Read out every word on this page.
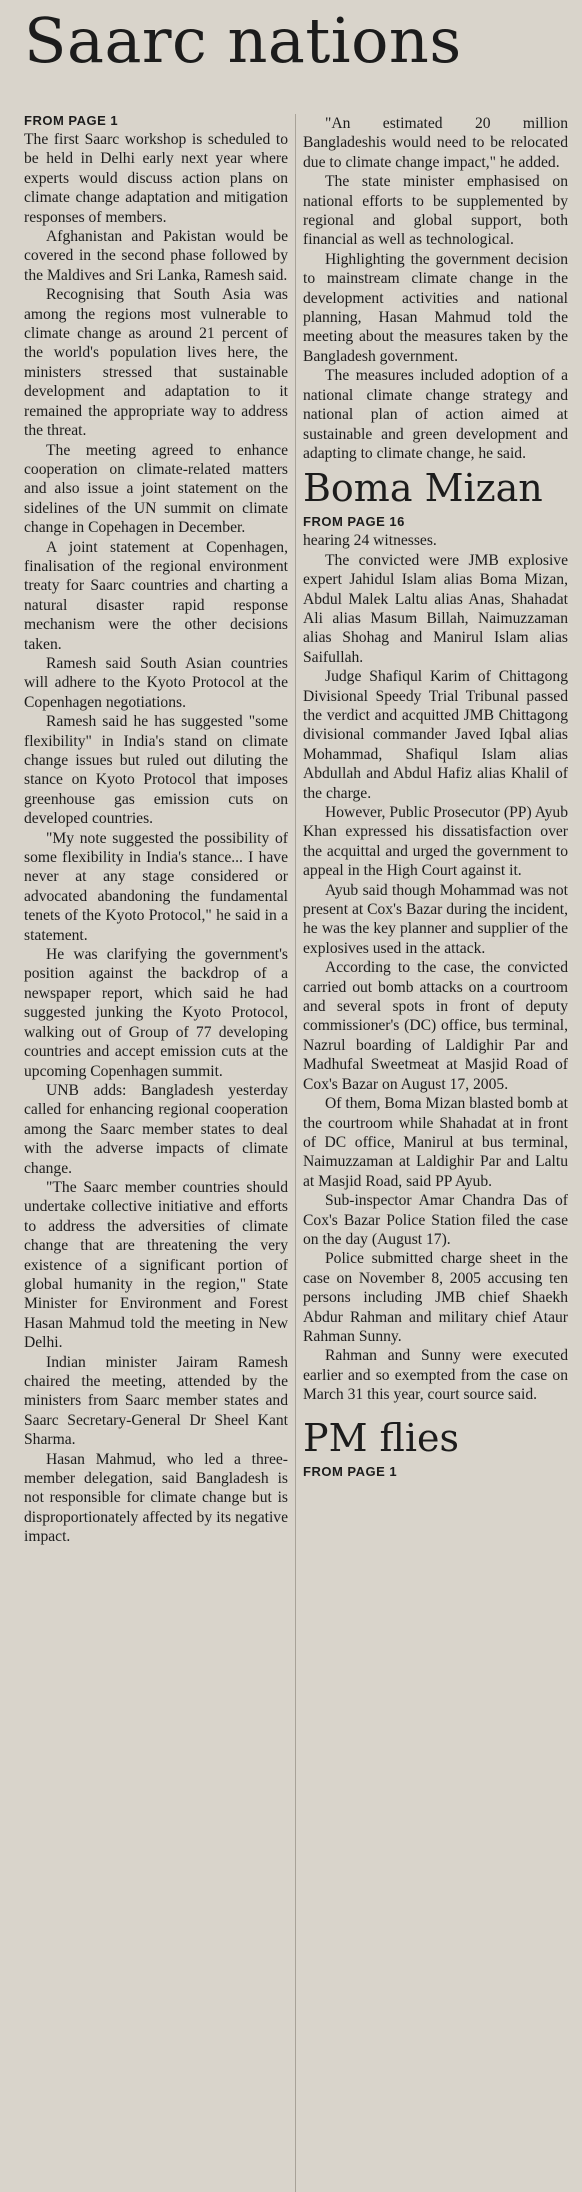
Saarc nations
FROM PAGE 1

The first Saarc workshop is scheduled to be held in Delhi early next year where experts would discuss action plans on climate change adaptation and mitigation responses of members.

Afghanistan and Pakistan would be covered in the second phase followed by the Maldives and Sri Lanka, Ramesh said.

Recognising that South Asia was among the regions most vulnerable to climate change as around 21 percent of the world's population lives here, the ministers stressed that sustainable development and adaptation to it remained the appropriate way to address the threat.

The meeting agreed to enhance cooperation on climate-related matters and also issue a joint statement on the sidelines of the UN summit on climate change in Copehagen in December.

A joint statement at Copenhagen, finalisation of the regional environment treaty for Saarc countries and charting a natural disaster rapid response mechanism were the other decisions taken.

Ramesh said South Asian countries will adhere to the Kyoto Protocol at the Copenhagen negotiations.

Ramesh said he has suggested "some flexibility" in India's stand on climate change issues but ruled out diluting the stance on Kyoto Protocol that imposes greenhouse gas emission cuts on developed countries.

"My note suggested the possibility of some flexibility in India's stance... I have never at any stage considered or advocated abandoning the fundamental tenets of the Kyoto Protocol," he said in a statement.

He was clarifying the government's position against the backdrop of a newspaper report, which said he had suggested junking the Kyoto Protocol, walking out of Group of 77 developing countries and accept emission cuts at the upcoming Copenhagen summit.

UNB adds: Bangladesh yesterday called for enhancing regional cooperation among the Saarc member states to deal with the adverse impacts of climate change.

"The Saarc member countries should undertake collective initiative and efforts to address the adversities of climate change that are threatening the very existence of a significant portion of global humanity in the region," State Minister for Environment and Forest Hasan Mahmud told the meeting in New Delhi.

Indian minister Jairam Ramesh chaired the meeting, attended by the ministers from Saarc member states and Saarc Secretary-General Dr Sheel Kant Sharma.

Hasan Mahmud, who led a three-member delegation, said Bangladesh is not responsible for climate change but is disproportionately affected by its negative impact.

"An estimated 20 million Bangladeshis would need to be relocated due to climate change impact," he added.

The state minister emphasised on national efforts to be supplemented by regional and global support, both financial as well as technological.

Highlighting the government decision to mainstream climate change in the development activities and national planning, Hasan Mahmud told the meeting about the measures taken by the Bangladesh government.

The measures included adoption of a national climate change strategy and national plan of action aimed at sustainable and green development and adapting to climate change, he said.

Boma Mizan
FROM PAGE 16

hearing 24 witnesses.

The convicted were JMB explosive expert Jahidul Islam alias Boma Mizan, Abdul Malek Laltu alias Anas, Shahadat Ali alias Masum Billah, Naimuzzaman alias Shohag and Manirul Islam alias Saifullah.

Judge Shafiqul Karim of Chittagong Divisional Speedy Trial Tribunal passed the verdict and acquitted JMB Chittagong divisional commander Javed Iqbal alias Mohammad, Shafiqul Islam alias Abdullah and Abdul Hafiz alias Khalil of the charge.

However, Public Prosecutor (PP) Ayub Khan expressed his dissatisfaction over the acquittal and urged the government to appeal in the High Court against it.

Ayub said though Mohammad was not present at Cox's Bazar during the incident, he was the key planner and supplier of the explosives used in the attack.

According to the case, the convicted carried out bomb attacks on a courtroom and several spots in front of deputy commissioner's (DC) office, bus terminal, Nazrul boarding of Laldighir Par and Madhufal Sweetmeat at Masjid Road of Cox's Bazar on August 17, 2005.

Of them, Boma Mizan blasted bomb at the courtroom while Shahadat at in front of DC office, Manirul at bus terminal, Naimuzzaman at Laldighir Par and Laltu at Masjid Road, said PP Ayub.

Sub-inspector Amar Chandra Das of Cox's Bazar Police Station filed the case on the day (August 17).

Police submitted charge sheet in the case on November 8, 2005 accusing ten persons including JMB chief Shaekh Abdur Rahman and military chief Ataur Rahman Sunny.

Rahman and Sunny were executed earlier and so exempted from the case on March 31 this year, court source said.

PM flies
FROM PAGE 1
